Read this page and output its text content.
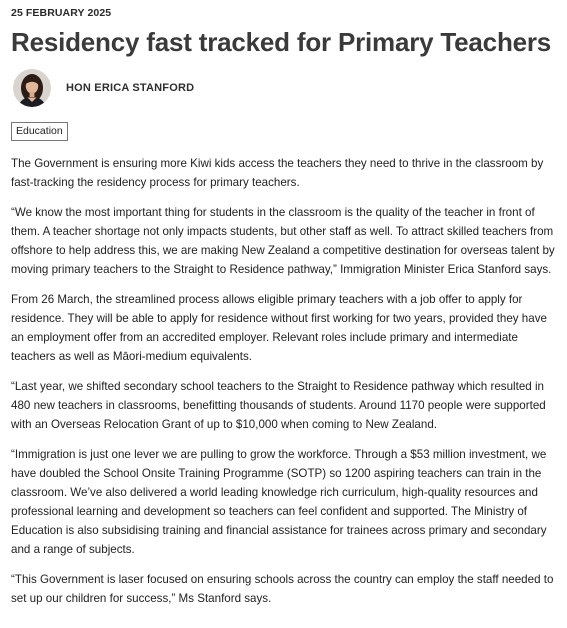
25 FEBRUARY 2025
Residency fast tracked for Primary Teachers
HON ERICA STANFORD
Education

The Government is ensuring more Kiwi kids access the teachers they need to thrive in the classroom by fast-tracking the residency process for primary teachers.

“We know the most important thing for students in the classroom is the quality of the teacher in front of them. A teacher shortage not only impacts students, but other staff as well. To attract skilled teachers from offshore to help address this, we are making New Zealand a competitive destination for overseas talent by moving primary teachers to the Straight to Residence pathway,” Immigration Minister Erica Stanford says.

From 26 March, the streamlined process allows eligible primary teachers with a job offer to apply for residence. They will be able to apply for residence without first working for two years, provided they have an employment offer from an accredited employer. Relevant roles include primary and intermediate teachers as well as Māori-medium equivalents.

“Last year, we shifted secondary school teachers to the Straight to Residence pathway which resulted in 480 new teachers in classrooms, benefitting thousands of students. Around 1170 people were supported with an Overseas Relocation Grant of up to $10,000 when coming to New Zealand.

“Immigration is just one lever we are pulling to grow the workforce. Through a $53 million investment, we have doubled the School Onsite Training Programme (SOTP) so 1200 aspiring teachers can train in the classroom. We’ve also delivered a world leading knowledge rich curriculum, high-quality resources and professional learning and development so teachers can feel confident and supported. The Ministry of Education is also subsidising training and financial assistance for trainees across primary and secondary and a range of subjects.

“This Government is laser focused on ensuring schools across the country can employ the staff needed to set up our children for success,” Ms Stanford says.
